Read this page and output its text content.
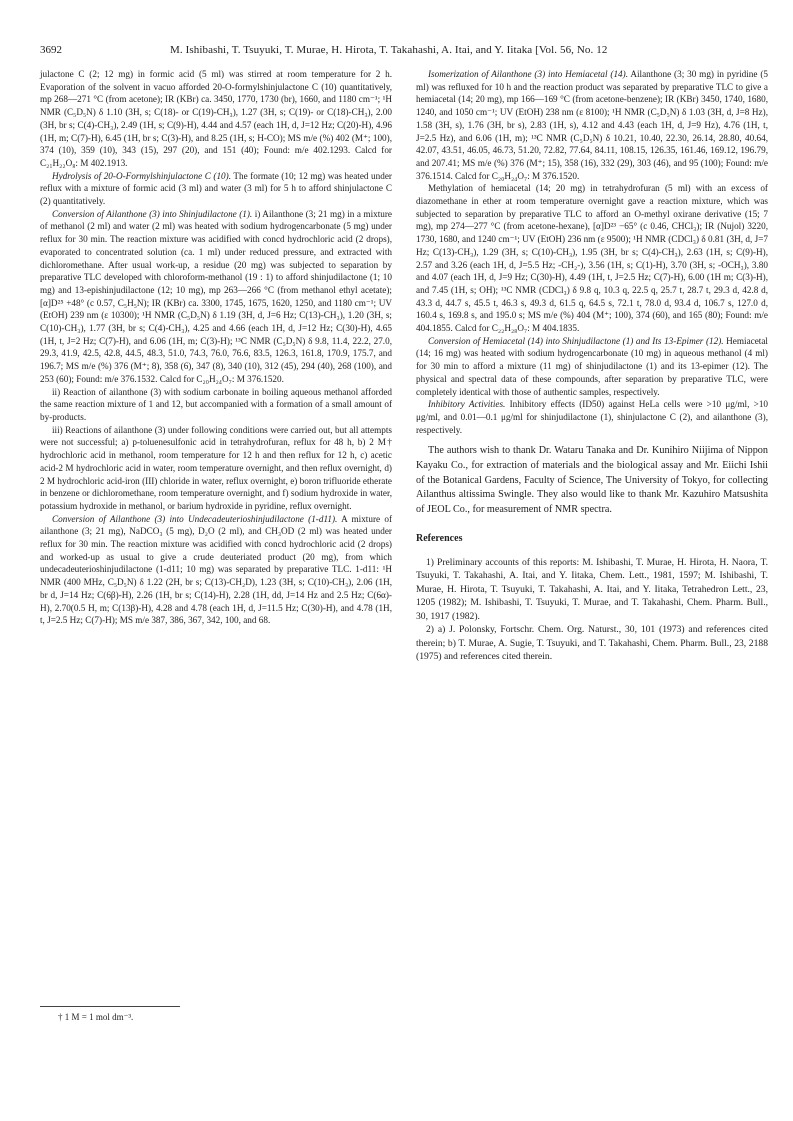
3692	M. Ishibashi, T. Tsuyuki, T. Murae, H. Hirota, T. Takahashi, A. Itai, and Y. Iitaka [Vol. 56, No. 12

julactone C (2; 12 mg) in formic acid (5 ml) was stirred at room temperature for 2 h. Evaporation of the solvent in vacuo afforded 20-O-formylshinjulactone C (10) quantitatively, mp 268—271 °C (from acetone); IR (KBr) ca. 3450, 1770, 1730 (br), 1660, and 1180 cm⁻¹; ¹H NMR (C₅D₅N) δ 1.10 (3H, s; C(18)- or C(19)-CH₃), 1.27 (3H, s; C(19)- or C(18)-CH₃), 2.00 (3H, br s; C(4)-CH₃), 2.49 (1H, s; C(9)-H), 4.44 and 4.57 (each 1H, d, J=12 Hz; C(20)-H), 4.96 (1H, m; C(7)-H), 6.45 (1H, br s; C(3)-H), and 8.25 (1H, s; H-CO); MS m/e (%) 402 (M⁺; 100), 374 (10), 359 (10), 343 (15), 297 (20), and 151 (40); Found: m/e 402.1293. Calcd for C₂₁H₂₂O₈: M 402.1913.

Hydrolysis of 20-O-Formylshinjulactone C (10). The formate (10; 12 mg) was heated under reflux with a mixture of formic acid (3 ml) and water (3 ml) for 5 h to afford shinjulactone C (2) quantitatively.

Conversion of Ailanthone (3) into Shinjudilactone (1). i) Ailanthone (3; 21 mg) in a mixture of methanol (2 ml) and water (2 ml) was heated with sodium hydrogencarbonate (5 mg) under reflux for 30 min. The reaction mixture was acidified with concd hydrochloric acid (2 drops), evaporated to concentrated solution (ca. 1 ml) under reduced pressure, and extracted with dichloromethane. After usual work-up, a residue (20 mg) was subjected to separation by preparative TLC developed with chloroform-methanol (19 : 1) to afford shinjudilactone (1; 10 mg) and 13-epishinjudilactone (12; 10 mg), mp 263—266 °C (from methanol ethyl acetate); [α]D²⁵ +48° (c 0.57, C₅H₅N); IR (KBr) ca. 3300, 1745, 1675, 1620, 1250, and 1180 cm⁻¹; UV (EtOH) 239 nm (ε 10300); ¹H NMR (C₅D₅N) δ 1.19 (3H, d, J=6 Hz; C(13)-CH₃), 1.20 (3H, s; C(10)-CH₃), 1.77 (3H, br s; C(4)-CH₃), 4.25 and 4.66 (each 1H, d, J=12 Hz; C(30)-H), 4.65 (1H, t, J=2 Hz; C(7)-H), and 6.06 (1H, m; C(3)-H); ¹³C NMR (C₅D₅N) δ 9.8, 11.4, 22.2, 27.0, 29.3, 41.9, 42.5, 42.8, 44.5, 48.3, 51.0, 74.3, 76.0, 76.6, 83.5, 126.3, 161.8, 170.9, 175.7, and 196.7; MS m/e (%) 376 (M⁺; 8), 358 (6), 347 (8), 340 (10), 312 (45), 294 (40), 268 (100), and 253 (60); Found: m/e 376.1532. Calcd for C₂₀H₂₄O₇: M 376.1520.

ii) Reaction of ailanthone (3) with sodium carbonate in boiling aqueous methanol afforded the same reaction mixture of 1 and 12, but accompanied with a formation of a small amount of by-products.

iii) Reactions of ailanthone (3) under following conditions were carried out, but all attempts were not successful; a) p-toluenesulfonic acid in tetrahydrofuran, reflux for 48 h, b) 2 M† hydrochloric acid in methanol, room temperature for 12 h and then reflux for 12 h, c) acetic acid-2 M hydrochloric acid in water, room temperature overnight, and then reflux overnight, d) 2 M hydrochloric acid-iron (III) chloride in water, reflux overnight, e) boron trifluoride etherate in benzene or dichloromethane, room temperature overnight, and f) sodium hydroxide in water, potassium hydroxide in methanol, or barium hydroxide in pyridine, reflux overnight.

Conversion of Ailanthone (3) into Undecadeuterioshinjudilactone (1-d11). A mixture of ailanthone (3; 21 mg), NaDCO₃ (5 mg), D₂O (2 ml), and CH₃OD (2 ml) was heated under reflux for 30 min. The reaction mixture was acidified with concd hydrochloric acid (2 drops) and worked-up as usual to give a crude deuteriated product (20 mg), from which undecadeuterioshinjudilactone (1-d11; 10 mg) was separated by preparative TLC. 1-d11: ¹H NMR (400 MHz, C₅D₅N) δ 1.22 (2H, br s; C(13)-CH₂D), 1.23 (3H, s; C(10)-CH₃), 2.06 (1H, br d, J=14 Hz; C(6β)-H), 2.26 (1H, br s; C(14)-H), 2.28 (1H, dd, J=14 Hz and 2.5 Hz; C(6α)-H), 2.70(0.5 H, m; C(13β)-H), 4.28 and 4.78 (each 1H, d, J=11.5 Hz; C(30)-H), and 4.78 (1H, t, J=2.5 Hz; C(7)-H); MS m/e 387, 386, 367, 342, 100, and 68.

† 1 M = 1 mol dm⁻³.

Isomerization of Ailanthone (3) into Hemiacetal (14). Ailanthone (3; 30 mg) in pyridine (5 ml) was refluxed for 10 h and the reaction product was separated by preparative TLC to give a hemiacetal (14; 20 mg), mp 166—169 °C (from acetone-benzene); IR (KBr) 3450, 1740, 1680, 1240, and 1050 cm⁻¹; UV (EtOH) 238 nm (ε 8100); ¹H NMR (C₅D₅N) δ 1.03 (3H, d, J=8 Hz), 1.58 (3H, s), 1.76 (3H, br s), 2.83 (1H, s), 4.12 and 4.43 (each 1H, d, J=9 Hz), 4.76 (1H, t, J=2.5 Hz), and 6.06 (1H, m); ¹³C NMR (C₅D₅N) δ 10.21, 10.40, 22.30, 26.14, 28.80, 40.64, 42.07, 43.51, 46.05, 46.73, 51.20, 72.82, 77.64, 84.11, 108.15, 126.35, 161.46, 169.12, 196.79, and 207.41; MS m/e (%) 376 (M⁺; 15), 358 (16), 332 (29), 303 (46), and 95 (100); Found: m/e 376.1514. Calcd for C₂₀H₂₄O₇: M 376.1520.

Methylation of hemiacetal (14; 20 mg) in tetrahydrofuran (5 ml) with an excess of diazomethane in ether at room temperature overnight gave a reaction mixture, which was subjected to separation by preparative TLC to afford an O-methyl oxirane derivative (15; 7 mg), mp 274—277 °C (from acetone-hexane), [α]D²³ −65° (c 0.46, CHCl₃); IR (Nujol) 3220, 1730, 1680, and 1240 cm⁻¹; UV (EtOH) 236 nm (ε 9500); ¹H NMR (CDCl₃) δ 0.81 (3H, d, J=7 Hz; C(13)-CH₃), 1.29 (3H, s; C(10)-CH₃), 1.95 (3H, br s; C(4)-CH₃), 2.63 (1H, s; C(9)-H), 2.57 and 3.26 (each 1H, d, J=5.5 Hz; -CH₂-), 3.56 (1H, s; C(1)-H), 3.70 (3H, s; -OCH₃), 3.80 and 4.07 (each 1H, d, J=9 Hz; C(30)-H), 4.49 (1H, t, J=2.5 Hz; C(7)-H), 6.00 (1H m; C(3)-H), and 7.45 (1H, s; OH); ¹³C NMR (CDCl₃) δ 9.8 q, 10.3 q, 22.5 q, 25.7 t, 28.7 t, 29.3 d, 42.8 d, 43.3 d, 44.7 s, 45.5 t, 46.3 s, 49.3 d, 61.5 q, 64.5 s, 72.1 t, 78.0 d, 93.4 d, 106.7 s, 127.0 d, 160.4 s, 169.8 s, and 195.0 s; MS m/e (%) 404 (M⁺; 100), 374 (60), and 165 (80); Found: m/e 404.1855. Calcd for C₂₂H₂₈O₇: M 404.1835.

Conversion of Hemiacetal (14) into Shinjudilactone (1) and Its 13-Epimer (12). Hemiacetal (14; 16 mg) was heated with sodium hydrogencarbonate (10 mg) in aqueous methanol (4 ml) for 30 min to afford a mixture (11 mg) of shinjudilactone (1) and its 13-epimer (12). The physical and spectral data of these compounds, after separation by preparative TLC, were completely identical with those of authentic samples, respectively.

Inhibitory Activities. Inhibitory effects (ID50) against HeLa cells were >10 μg/ml, >10 μg/ml, and 0.01—0.1 μg/ml for shinjudilactone (1), shinjulactone C (2), and ailanthone (3), respectively.

The authors wish to thank Dr. Wataru Tanaka and Dr. Kunihiro Niijima of Nippon Kayaku Co., for extraction of materials and the biological assay and Mr. Eiichi Ishii of the Botanical Gardens, Faculty of Science, The University of Tokyo, for collecting Ailanthus altissima Swingle. They also would like to thank Mr. Kazuhiro Matsushita of JEOL Co., for measurement of NMR spectra.

References

1) Preliminary accounts of this reports: M. Ishibashi, T. Murae, H. Hirota, H. Naora, T. Tsuyuki, T. Takahashi, A. Itai, and Y. Iitaka, Chem. Lett., 1981, 1597; M. Ishibashi, T. Murae, H. Hirota, T. Tsuyuki, T. Takahashi, A. Itai, and Y. Iitaka, Tetrahedron Lett., 23, 1205 (1982); M. Ishibashi, T. Tsuyuki, T. Murae, and T. Takahashi, Chem. Pharm. Bull., 30, 1917 (1982).

2) a) J. Polonsky, Fortschr. Chem. Org. Naturst., 30, 101 (1973) and references cited therein; b) T. Murae, A. Sugie, T. Tsuyuki, and T. Takahashi, Chem. Pharm. Bull., 23, 2188 (1975) and references cited therein.
